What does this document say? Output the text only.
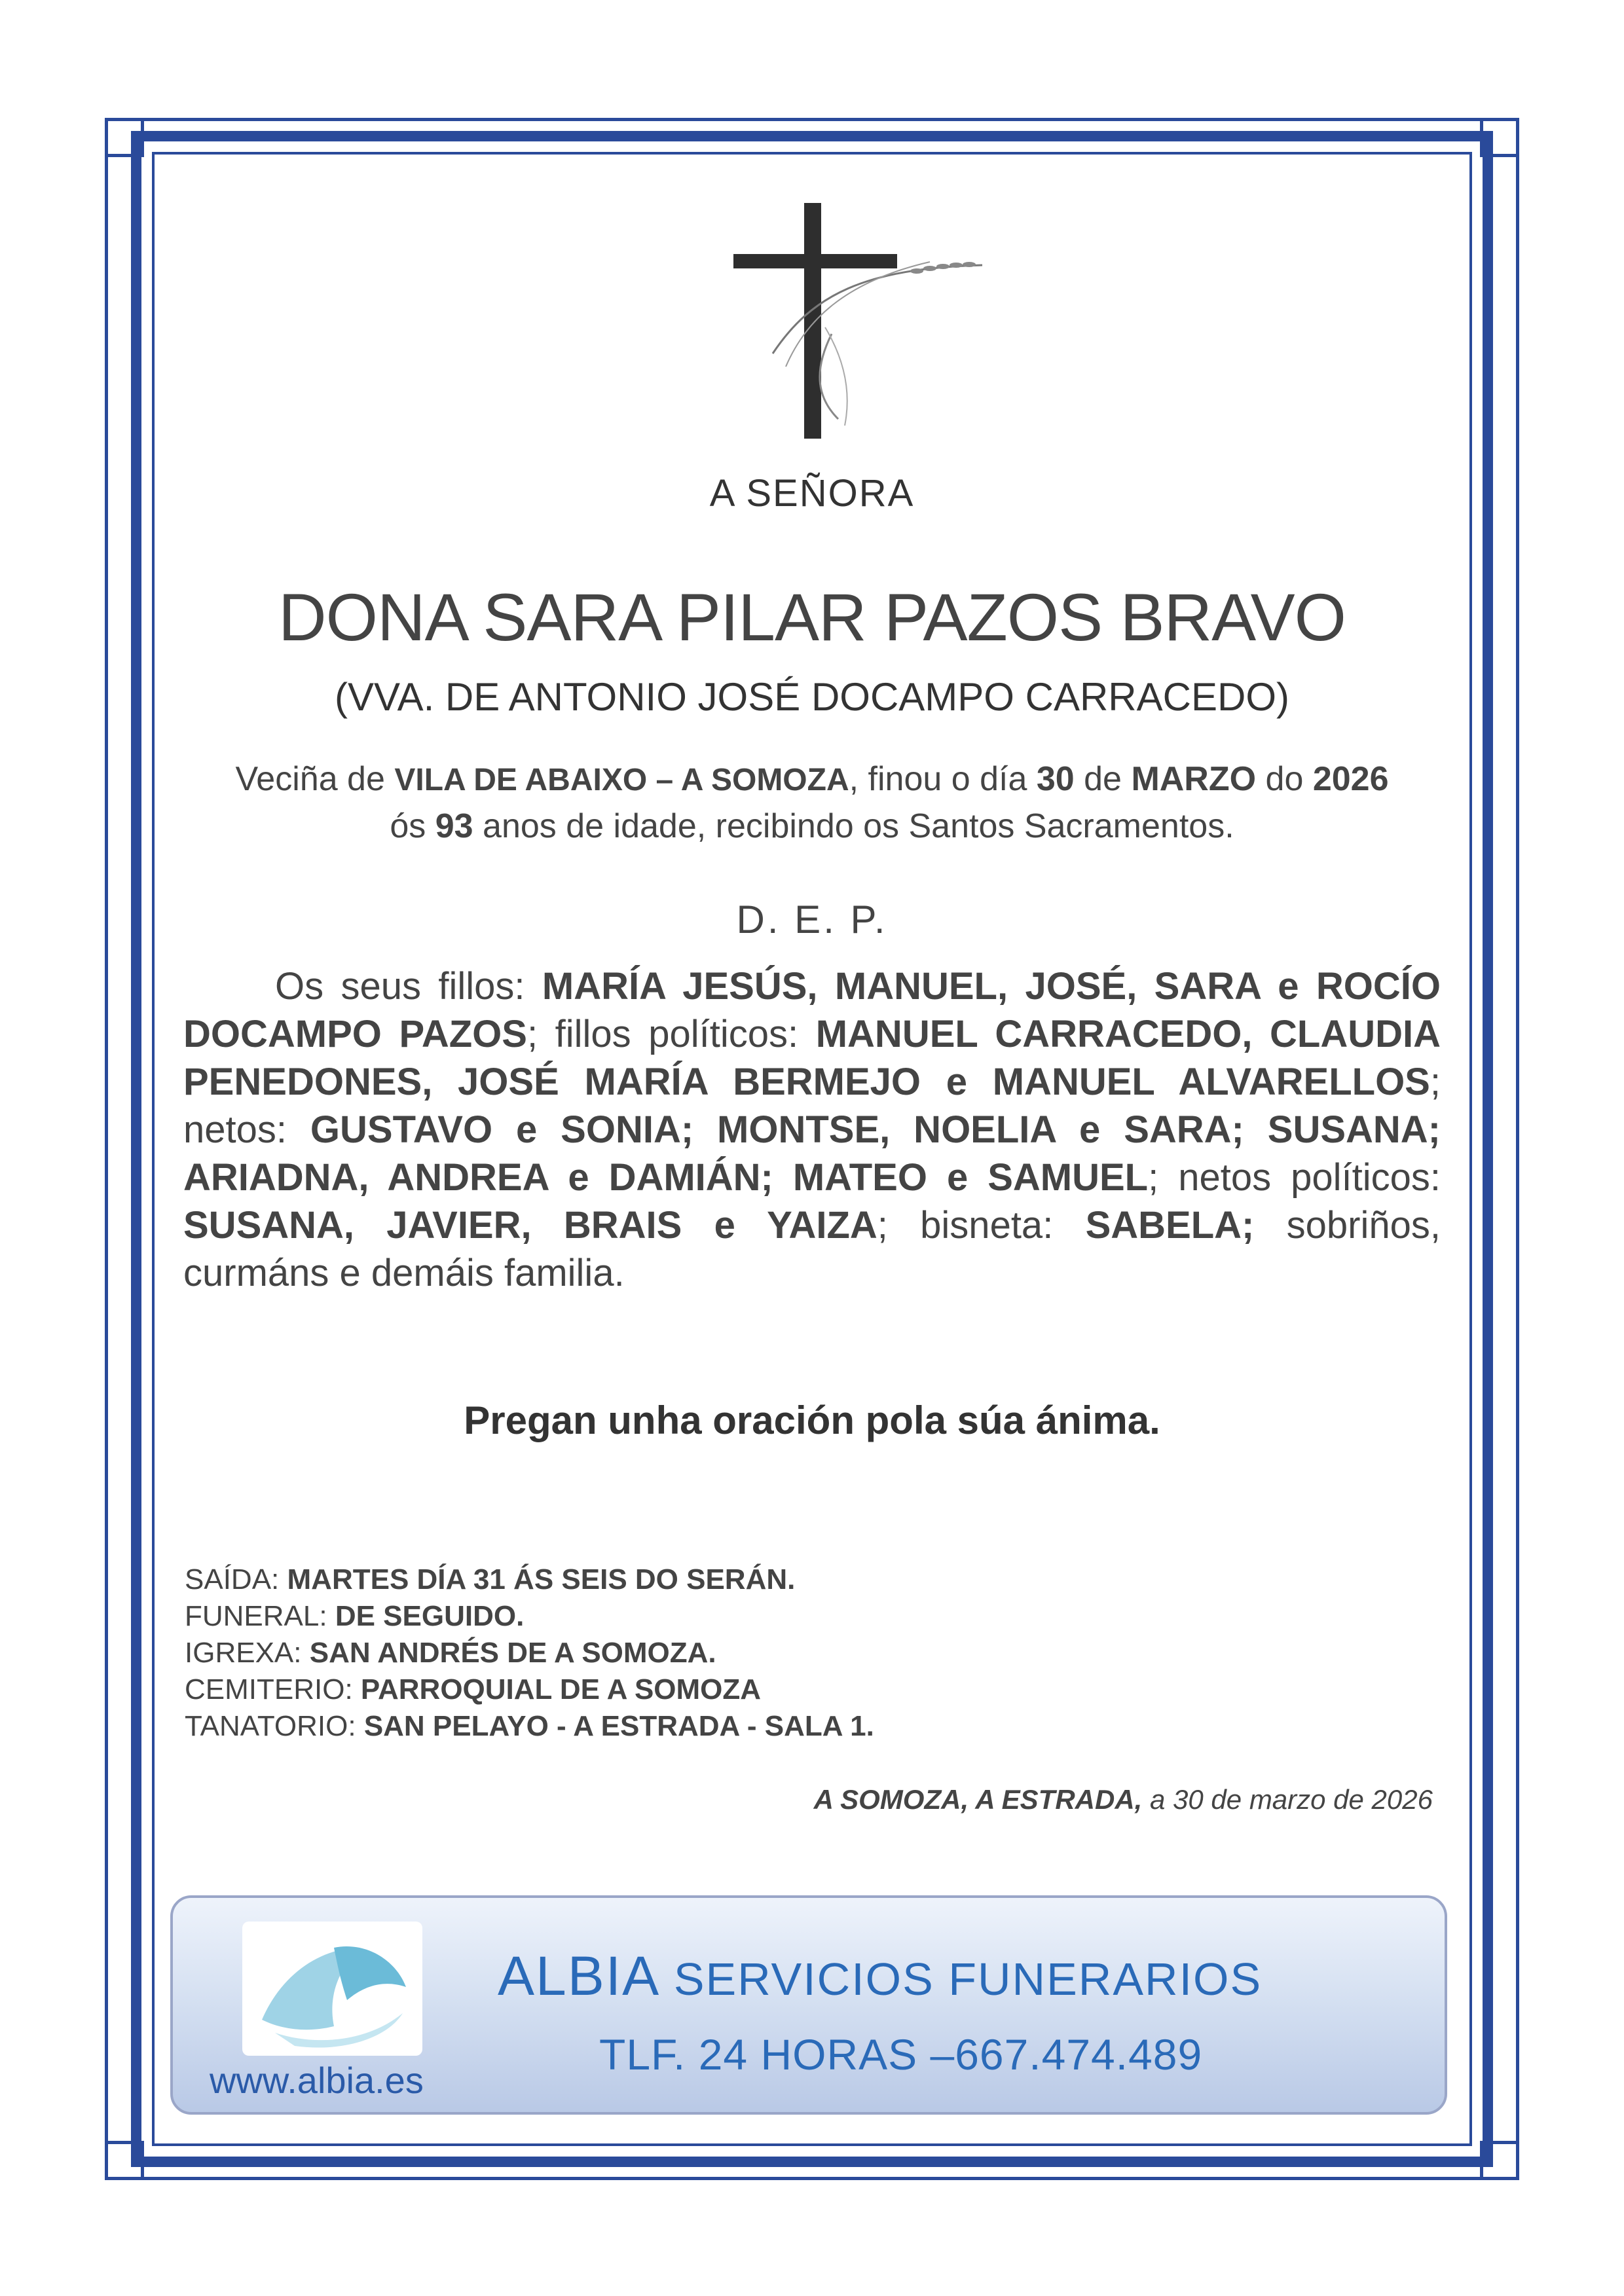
A SEÑORA
DONA SARA PILAR PAZOS BRAVO
(VVA. DE ANTONIO JOSÉ DOCAMPO CARRACEDO)
Veciña de VILA DE ABAIXO – A SOMOZA, finou o día 30 de MARZO do 2026
ós 93 anos de idade, recibindo os Santos Sacramentos.
D. E. P.
Os seus fillos: MARÍA JESÚS, MANUEL, JOSÉ, SARA e ROCÍO DOCAMPO PAZOS; fillos políticos: MANUEL CARRACEDO, CLAUDIA PENEDONES, JOSÉ MARÍA BERMEJO e MANUEL ALVARELLOS; netos: GUSTAVO e SONIA; MONTSE, NOELIA e SARA; SUSANA; ARIADNA, ANDREA e DAMIÁN; MATEO e SAMUEL; netos políticos: SUSANA, JAVIER, BRAIS e YAIZA; bisneta: SABELA; sobriños, curmáns e demáis familia.
Pregan unha oración pola súa ánima.
SAÍDA: MARTES DÍA 31 ÁS SEIS DO SERÁN.
FUNERAL: DE SEGUIDO.
IGREXA: SAN ANDRÉS DE A SOMOZA.
CEMITERIO: PARROQUIAL DE A SOMOZA
TANATORIO: SAN PELAYO - A ESTRADA - SALA 1.
A SOMOZA, A ESTRADA, a 30 de marzo de 2026
www.albia.es
ALBIA SERVICIOS FUNERARIOS
TLF. 24 HORAS –667.474.489
